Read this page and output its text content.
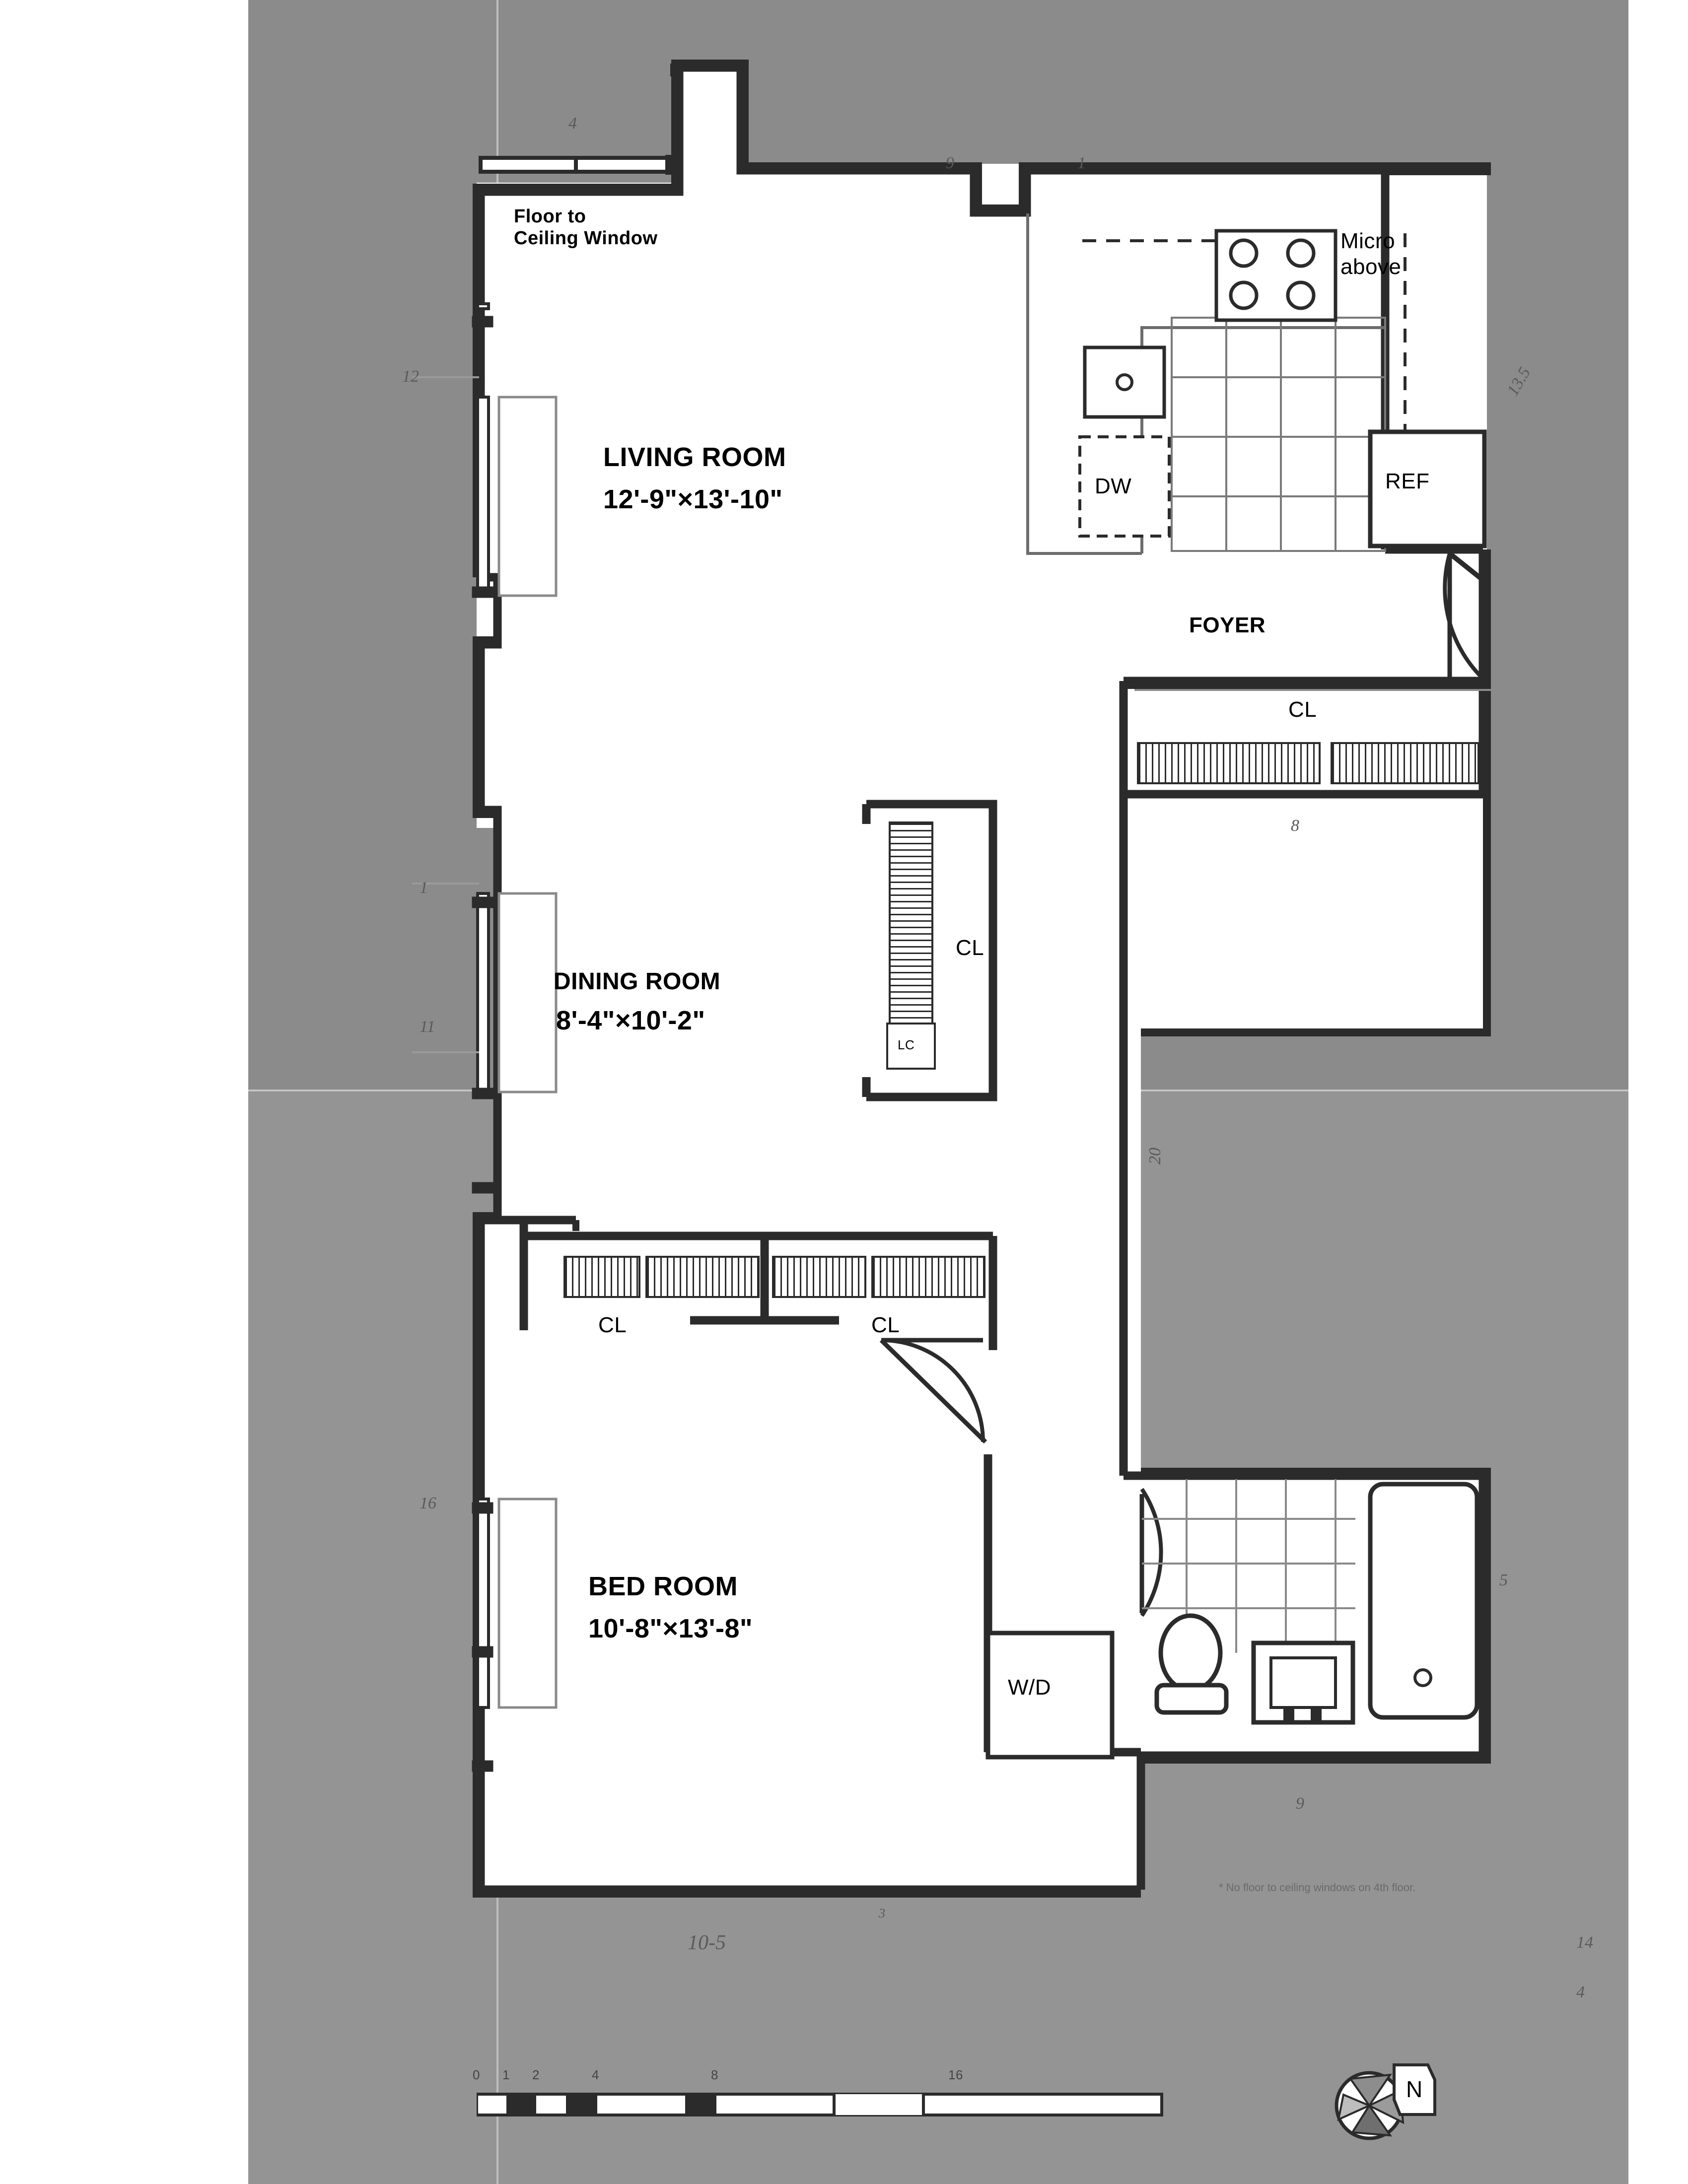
Floor to
Ceiling Window
LIVING ROOM
12'-9"×13'-10"
DINING ROOM
8'-4"×10'-2"
BED ROOM
10'-8"×13'-8"
FOYER
CL
CL
CL	CL
LC
Micro
above
DW	REF
W/D
4
9	1
12
1
11
16
13.5
8
20
5
9
10-5
3
14
4
* No floor to ceiling windows on 4th floor.
0 1 2	4	8	16
N
